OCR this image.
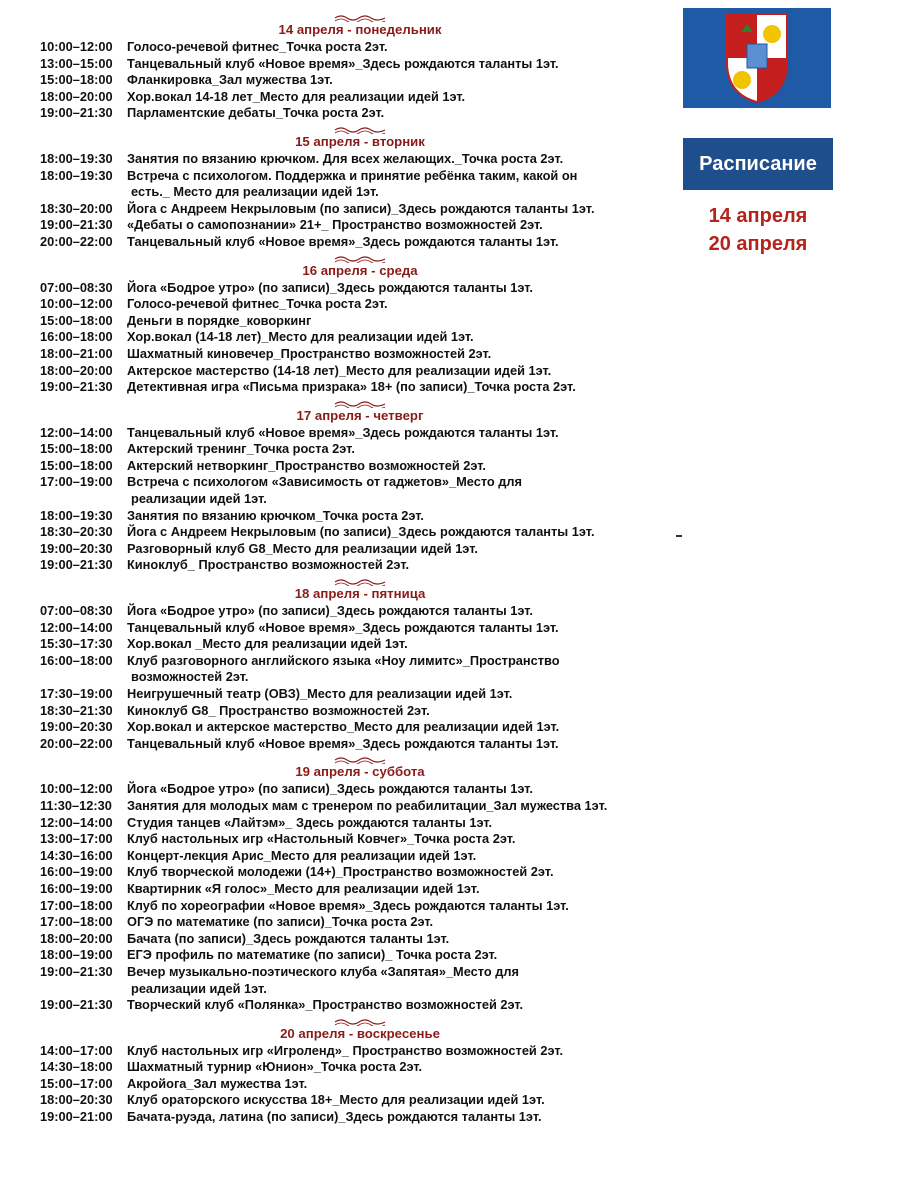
14 апреля - понедельник
10:00–12:00	Голосо-речевой фитнес_Точка роста 2эт.
13:00–15:00	Танцевальный клуб «Новое время»_Здесь рождаются таланты 1эт.
15:00–18:00	Фланкировка_Зал мужества 1эт.
18:00–20:00	Хор.вокал 14-18 лет_Место для реализации идей 1эт.
19:00–21:30	Парламентские дебаты_Точка роста 2эт.
15 апреля - вторник
18:00–19:30	Занятия по вязанию крючком. Для всех желающих._Точка роста 2эт.
18:00–19:30	Встреча с психологом. Поддержка и принятие ребёнка таким, какой он
есть._ Место для реализации идей 1эт.
18:30–20:00	Йога с Андреем Некрыловым (по записи)_Здесь рождаются таланты 1эт.
19:00–21:30	«Дебаты о самопознании» 21+_ Пространство возможностей 2эт.
20:00–22:00	Танцевальный клуб «Новое время»_Здесь рождаются таланты 1эт.
16 апреля - среда
07:00–08:30	Йога «Бодрое утро» (по записи)_Здесь рождаются таланты 1эт.
10:00–12:00	Голосо-речевой фитнес_Точка роста 2эт.
15:00–18:00	Деньги в порядке_коворкинг
16:00–18:00	Хор.вокал (14-18 лет)_Место для реализации идей 1эт.
18:00–21:00	Шахматный киновечер_Пространство возможностей 2эт.
18:00–20:00	Актерское мастерство (14-18 лет)_Место для реализации идей 1эт.
19:00–21:30	Детективная игра «Письма призрака» 18+ (по записи)_Точка роста 2эт.
17 апреля - четверг
12:00–14:00	Танцевальный клуб «Новое время»_Здесь рождаются таланты 1эт.
15:00–18:00	Актерский тренинг_Точка роста 2эт.
15:00–18:00	Актерский нетворкинг_Пространство возможностей 2эт.
17:00–19:00	Встреча с психологом «Зависимость от гаджетов»_Место для
реализации идей 1эт.
18:00–19:30	Занятия по вязанию крючком_Точка роста 2эт.
18:30–20:30	Йога с Андреем Некрыловым (по записи)_Здесь рождаются таланты 1эт.
19:00–20:30	Разговорный клуб G8_Место для реализации идей 1эт.
19:00–21:30	Киноклуб_ Пространство возможностей 2эт.
18 апреля - пятница
07:00–08:30	Йога «Бодрое утро» (по записи)_Здесь рождаются таланты 1эт.
12:00–14:00	Танцевальный клуб «Новое время»_Здесь рождаются таланты 1эт.
15:30–17:30	Хор.вокал _Место для реализации идей 1эт.
16:00–18:00	Клуб разговорного английского языка «Ноу лимитс»_Пространство
возможностей 2эт.
17:30–19:00	Неигрушечный театр (ОВЗ)_Место для реализации идей 1эт.
18:30–21:30	Киноклуб G8_ Пространство возможностей 2эт.
19:00–20:30	Хор.вокал и актерское мастерство_Место для реализации идей 1эт.
20:00–22:00	Танцевальный клуб «Новое время»_Здесь рождаются таланты 1эт.
19 апреля - суббота
10:00–12:00	Йога «Бодрое утро» (по записи)_Здесь рождаются таланты 1эт.
11:30–12:30	Занятия для молодых мам с тренером по реабилитации_Зал мужества 1эт.
12:00–14:00	Студия танцев «Лайтэм»_ Здесь рождаются таланты 1эт.
13:00–17:00	Клуб настольных игр «Настольный Ковчег»_Точка роста 2эт.
14:30–16:00	Концерт-лекция Арис_Место для реализации идей 1эт.
16:00–19:00	Клуб творческой молодежи (14+)_Пространство возможностей 2эт.
16:00–19:00	Квартирник «Я голос»_Место для реализации идей 1эт.
17:00–18:00	Клуб по хореографии «Новое время»_Здесь рождаются таланты 1эт.
17:00–18:00	ОГЭ по математике (по записи)_Точка роста 2эт.
18:00–20:00	Бачата (по записи)_Здесь рождаются таланты 1эт.
18:00–19:00	ЕГЭ профиль по математике (по записи)_ Точка роста 2эт.
19:00–21:30	Вечер музыкально-поэтического клуба «Запятая»_Место для
реализации идей 1эт.
19:00–21:30	Творческий клуб «Полянка»_Пространство возможностей 2эт.
20 апреля - воскресенье
14:00–17:00	Клуб настольных игр «Игроленд»_ Пространство возможностей 2эт.
14:30–18:00	Шахматный турнир «Юнион»_Точка роста 2эт.
15:00–17:00	Акройога_Зал мужества 1эт.
18:00–20:30	Клуб ораторского искусства 18+_Место для реализации идей 1эт.
19:00–21:00	Бачата-руэда, латина (по записи)_Здесь рождаются таланты 1эт.
Расписание
14 апреля
20 апреля
